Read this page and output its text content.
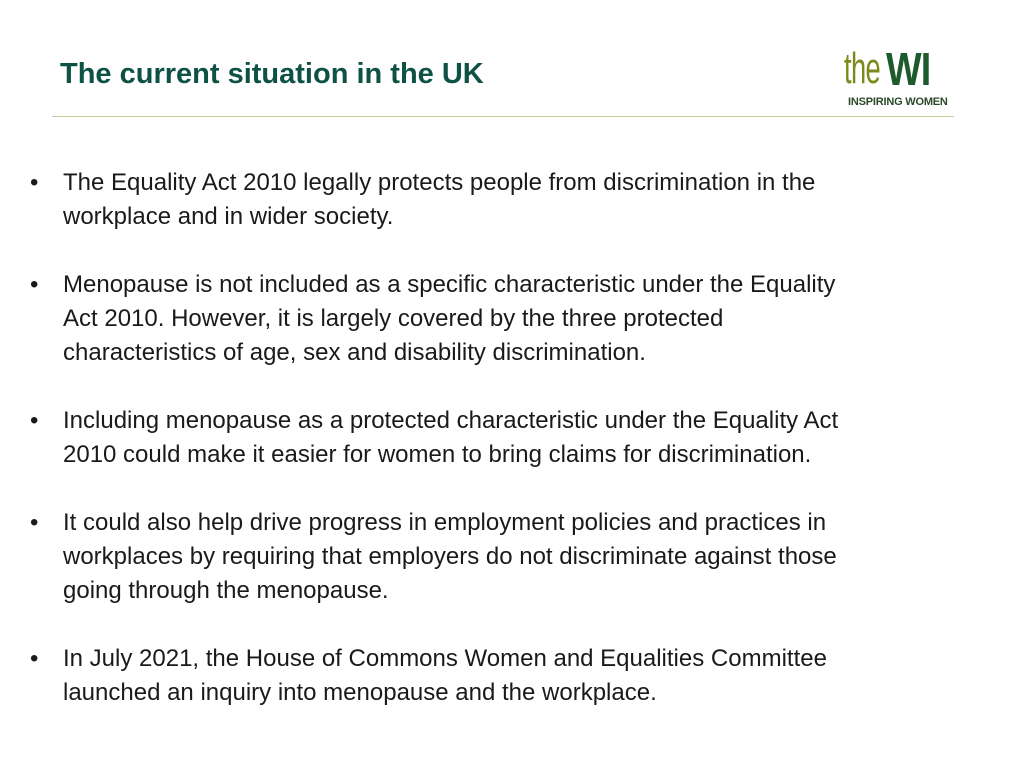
The current situation in the UK	the WI
INSPIRING WOMEN
•	The Equality Act 2010 legally protects people from discrimination in the
workplace and in wider society.
•	Menopause is not included as a specific characteristic under the Equality
Act 2010. However, it is largely covered by the three protected
characteristics of age, sex and disability discrimination.
•	Including menopause as a protected characteristic under the Equality Act
2010 could make it easier for women to bring claims for discrimination.
•	It could also help drive progress in employment policies and practices in
workplaces by requiring that employers do not discriminate against those
going through the menopause.
•	In July 2021, the House of Commons Women and Equalities Committee
launched an inquiry into menopause and the workplace.
